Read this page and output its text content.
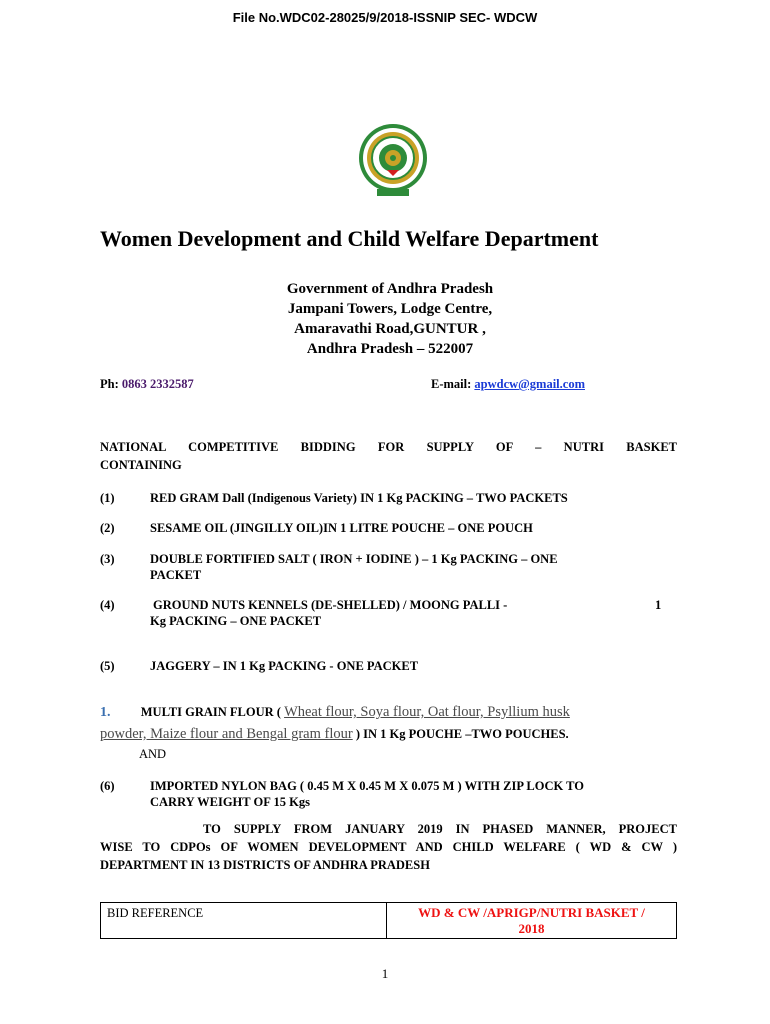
File No.WDC02-28025/9/2018-ISSNIP SEC- WDCW
Women Development and Child Welfare Department
Government of Andhra Pradesh
Jampani Towers, Lodge Centre,
Amaravathi Road,GUNTUR ,
Andhra Pradesh – 522007
Ph: 0863 2332587	E-mail: apwdcw@gmail.com
NATIONAL COMPETITIVE BIDDING FOR SUPPLY OF – NUTRI BASKET
CONTAINING
(1)	RED GRAM Dall (Indigenous Variety) IN 1 Kg PACKING – TWO PACKETS
(2)	SESAME OIL (JINGILLY OIL)IN 1 LITRE POUCHE – ONE POUCH
(3)	DOUBLE FORTIFIED SALT ( IRON + IODINE ) – 1 Kg PACKING – ONE
PACKET
(4)	GROUND NUTS KENNELS (DE-SHELLED) / MOONG PALLI -	1
Kg PACKING – ONE PACKET
(5)	JAGGERY – IN 1 Kg PACKING - ONE PACKET
1. MULTI GRAIN FLOUR ( Wheat flour, Soya flour, Oat flour, Psyllium husk
powder, Maize flour and Bengal gram flour ) IN 1 Kg POUCHE –TWO POUCHES.
AND
(6)	IMPORTED NYLON BAG ( 0.45 M X 0.45 M X 0.075 M ) WITH ZIP LOCK TO
CARRY WEIGHT OF 15 Kgs
TO SUPPLY FROM JANUARY 2019 IN PHASED MANNER, PROJECT
WISE TO CDPOs OF WOMEN DEVELOPMENT AND CHILD WELFARE ( WD & CW )
DEPARTMENT IN 13 DISTRICTS OF ANDHRA PRADESH
BID REFERENCE	WD & CW /APRIGP/NUTRI BASKET /
2018
1
